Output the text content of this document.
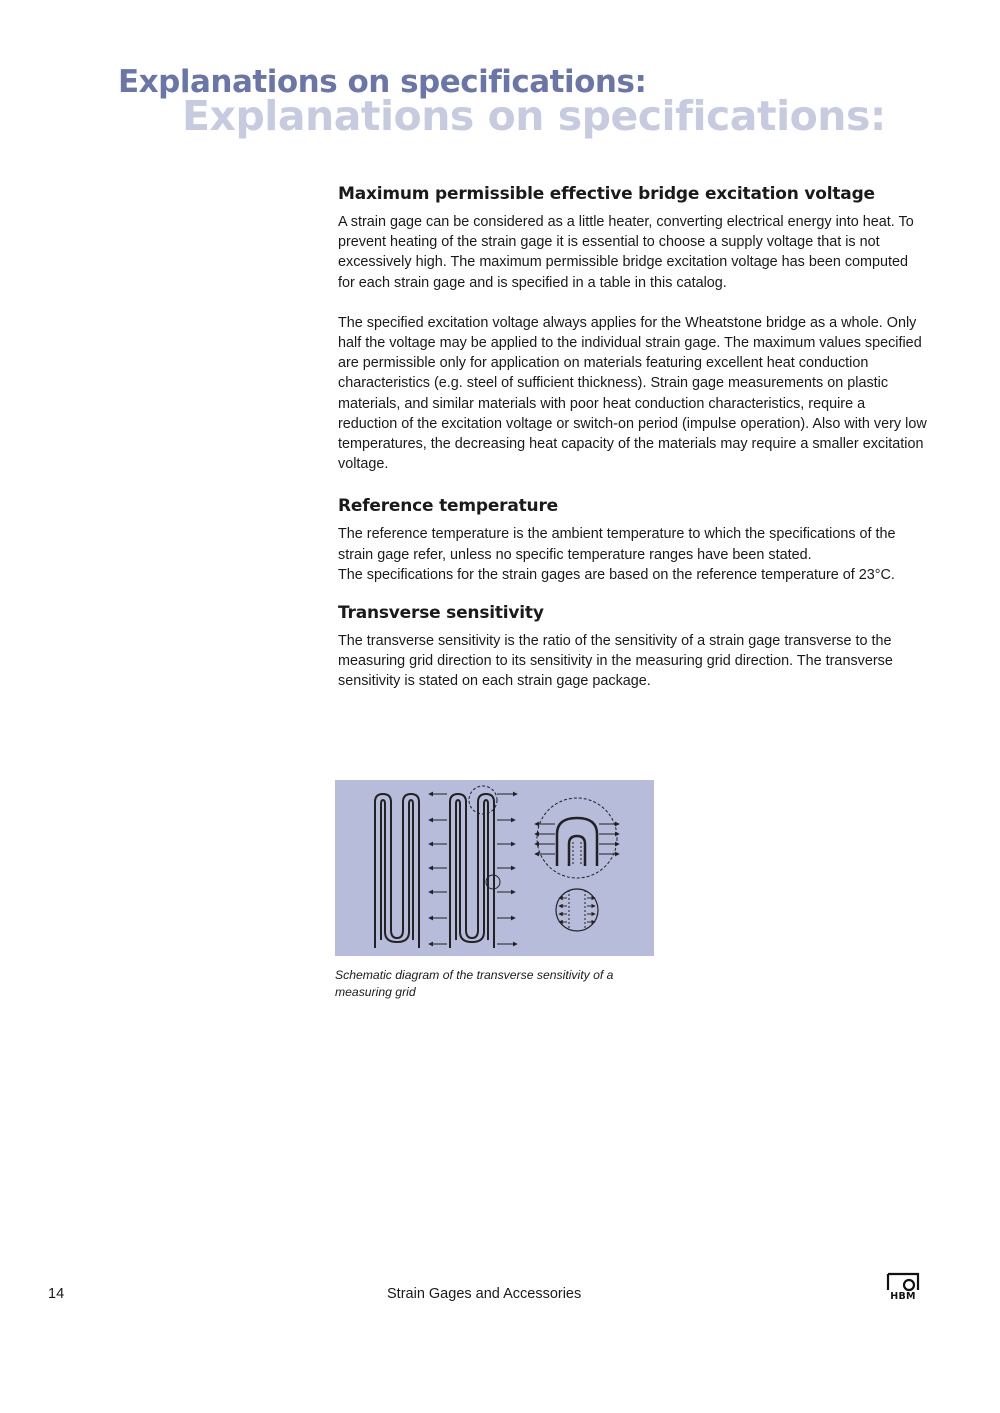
Explanations on specifications:
Explanations on specifications:
Maximum permissible effective bridge excitation voltage

A strain gage can be considered as a little heater, converting electrical energy into heat. To prevent heating of the strain gage it is essential to choose a supply voltage that is not excessively high. The maximum permissible bridge excitation voltage has been computed for each strain gage and is specified in a table in this catalog.

The specified excitation voltage always applies for the Wheatstone bridge as a whole. Only half the voltage may be applied to the individual strain gage. The maximum values specified are permissible only for application on materials featuring excellent heat conduction characteristics (e.g. steel of sufficient thickness). Strain gage measurements on plastic materials, and similar materials with poor heat conduction characteristics, require a reduction of the excitation voltage or switch-on period (impulse operation). Also with very low temperatures, the decreasing heat capacity of the materials may require a smaller excitation voltage.

Reference temperature

The reference temperature is the ambient temperature to which the specifications of the strain gage refer, unless no specific temperature ranges have been stated.

The specifications for the strain gages are based on the reference temperature of 23°C.

Transverse sensitivity

The transverse sensitivity is the ratio of the sensitivity of a strain gage transverse to the measuring grid direction to its sensitivity in the measuring grid direction. The transverse sensitivity is stated on each strain gage package.

Schematic diagram of the transverse sensitivity of a measuring grid
14	Strain Gages and Accessories	HBM
